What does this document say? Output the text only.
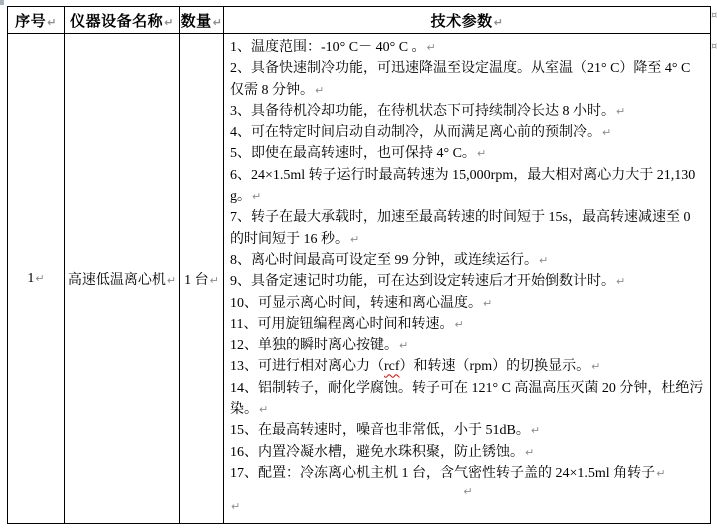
序号↵	仪器设备名称↵	数量↵	技术参数↵
1↵	高速低温离心机↵	1 台↵	
1、温度范围：-10° C－ 40° C 。↵
2、具备快速制冷功能，可迅速降温至设定温度。从室温（21° C）降至 4° C 仅需 8 分钟。↵
3、具备待机冷却功能，在待机状态下可持续制冷长达 8 小时。↵
4、可在特定时间启动自动制冷，从而满足离心前的预制冷。↵
5、即使在最高转速时，也可保持 4° C。↵
6、24×1.5ml 转子运行时最高转速为 15,000rpm，最大相对离心力大于 21,130g。↵
7、转子在最大承载时，加速至最高转速的时间短于 15s，最高转速减速至 0 的时间短于 16 秒。↵
8、离心时间最高可设定至 99 分钟，或连续运行。↵
9、具备定速记时功能，可在达到设定转速后才开始倒数计时。↵
10、可显示离心时间，转速和离心温度。↵
11、可用旋钮编程离心时间和转速。↵
12、单独的瞬时离心按键。↵
13、可进行相对离心力（rcf）和转速（rpm）的切换显示。↵
14、铝制转子，耐化学腐蚀。转子可在 121° C 高温高压灭菌 20 分钟，杜绝污染。↵
15、在最高转速时，噪音也非常低，小于 51dB。↵
16、内置冷凝水槽，避免水珠积聚，防止锈蚀。↵
17、配置：冷冻离心机主机 1 台，含气密性转子盖的 24×1.5ml 角转子↵
↵
↵
¤
¤
